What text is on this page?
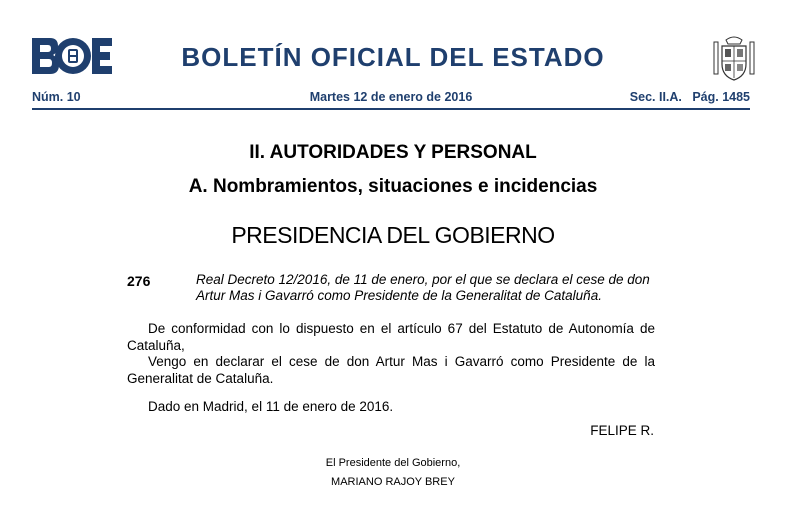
BOLETÍN OFICIAL DEL ESTADO
Núm. 10	Martes 12 de enero de 2016	Sec. II.A.   Pág. 1485
II. AUTORIDADES Y PERSONAL
A. Nombramientos, situaciones e incidencias
PRESIDENCIA DEL GOBIERNO
276	Real Decreto 12/2016, de 11 de enero, por el que se declara el cese de don Artur Mas i Gavarró como Presidente de la Generalitat de Cataluña.
De conformidad con lo dispuesto en el artículo 67 del Estatuto de Autonomía de Cataluña,
Vengo en declarar el cese de don Artur Mas i Gavarró como Presidente de la Generalitat de Cataluña.
Dado en Madrid, el 11 de enero de 2016.
FELIPE R.
El Presidente del Gobierno,
MARIANO RAJOY BREY
